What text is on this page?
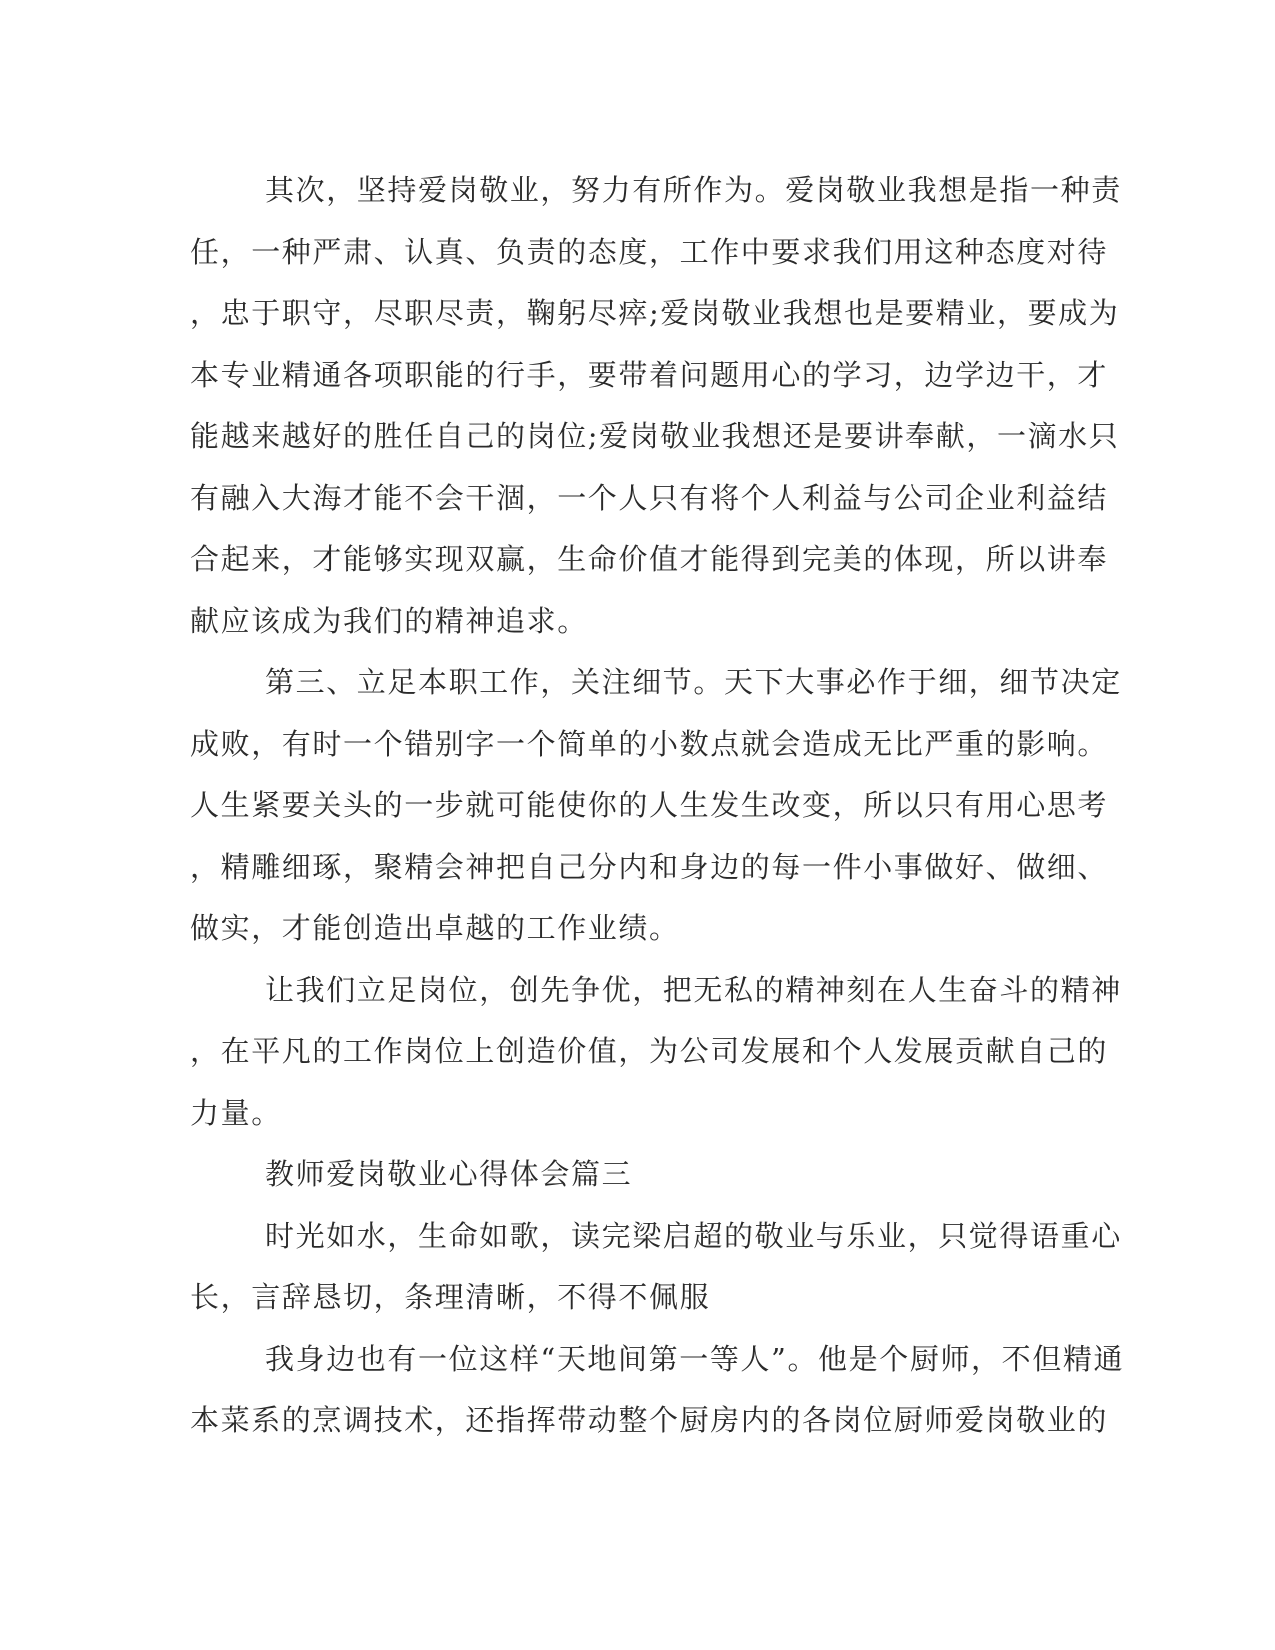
其次，坚持爱岗敬业，努力有所作为。爱岗敬业我想是指一种责
任，一种严肃、认真、负责的态度，工作中要求我们用这种态度对待
，忠于职守，尽职尽责，鞠躬尽瘁;爱岗敬业我想也是要精业，要成为
本专业精通各项职能的行手，要带着问题用心的学习，边学边干，才
能越来越好的胜任自己的岗位;爱岗敬业我想还是要讲奉献，一滴水只
有融入大海才能不会干涸，一个人只有将个人利益与公司企业利益结
合起来，才能够实现双赢，生命价值才能得到完美的体现，所以讲奉
献应该成为我们的精神追求。
第三、立足本职工作，关注细节。天下大事必作于细，细节决定
成败，有时一个错别字一个简单的小数点就会造成无比严重的影响。
人生紧要关头的一步就可能使你的人生发生改变，所以只有用心思考
，精雕细琢，聚精会神把自己分内和身边的每一件小事做好、做细、
做实，才能创造出卓越的工作业绩。
让我们立足岗位，创先争优，把无私的精神刻在人生奋斗的精神
，在平凡的工作岗位上创造价值，为公司发展和个人发展贡献自己的
力量。
教师爱岗敬业心得体会篇三
时光如水，生命如歌，读完梁启超的敬业与乐业，只觉得语重心
长，言辞恳切，条理清晰，不得不佩服
我身边也有一位这样“天地间第一等人”。他是个厨师，不但精通
本菜系的烹调技术，还指挥带动整个厨房内的各岗位厨师爱岗敬业的
